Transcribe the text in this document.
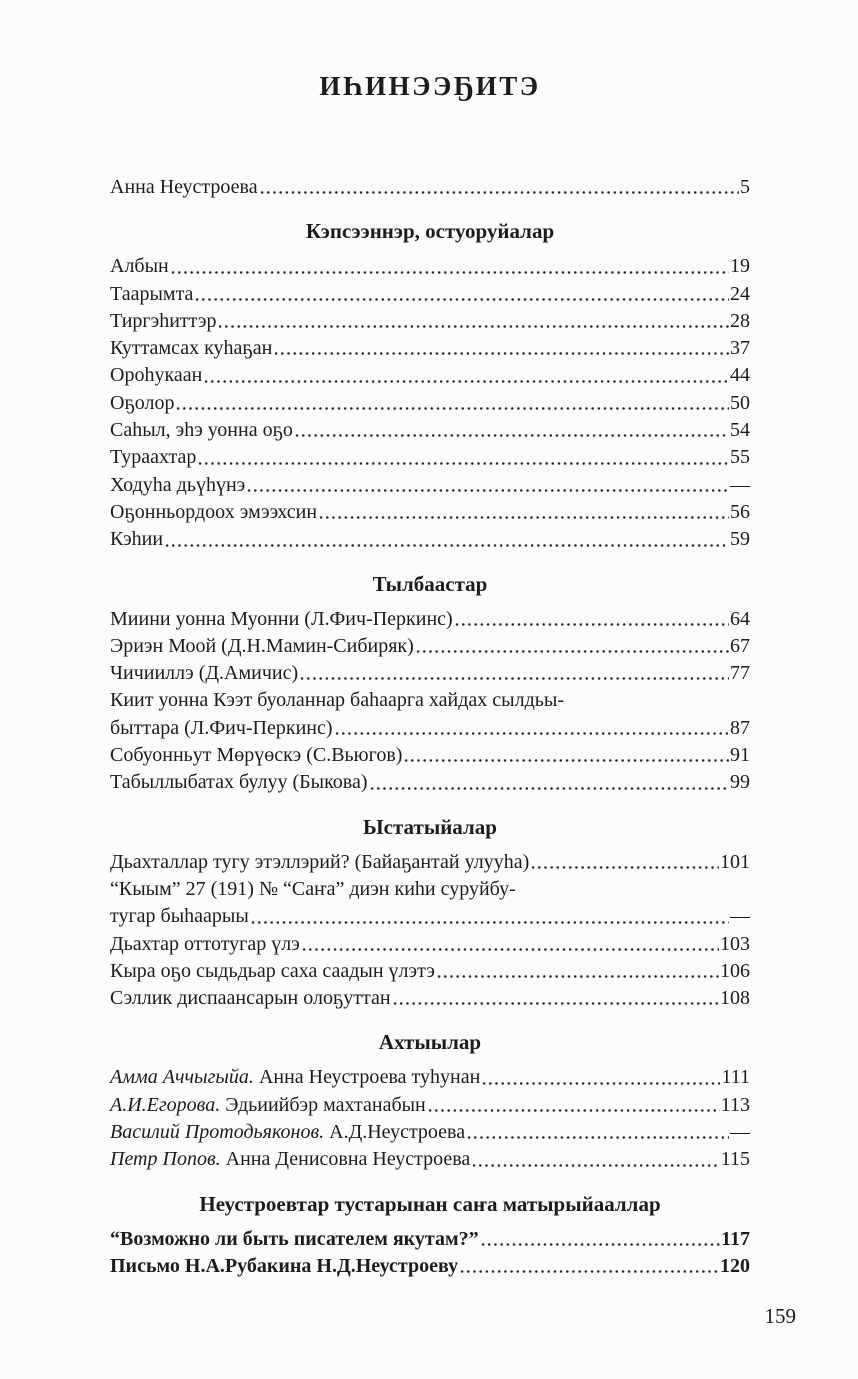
ИҺИНЭЭҔИТЭ
Анна Неустроева	5
Кэпсээннэр, остуоруйалар
Албын	19
Таарымта	24
Тиргэһиттэр	28
Куттамсах куһаҕан	37
Ороһукаан	44
Оҕолор	50
Саһыл, эһэ уонна оҕо	54
Тураахтар	55
Ходуһа дьүһүнэ	—
Оҕонньордоох эмээхсин	56
Кэһии	59
Тылбаастар
Миини уонна Муонни (Л.Фич-Перкинс)	64
Эриэн Моой (Д.Н.Мамин-Сибиряк)	67
Чичииллэ (Д.Амичис)	77
Киит уонна Кээт буоланнар баһаарга хайдах сылдьы-
быттара (Л.Фич-Перкинс)	87
Собуонньут Мөрүөскэ (С.Вьюгов)	91
Табыллыбатах булуу (Быкова)	99
Ыстатыйалар
Дьахталлар тугу этэллэрий? (Байаҕантай улууһа)	101
“Кыым” 27 (191) № “Саҥа” диэн киһи суруйбу-
тугар быһаарыы	—
Дьахтар оттотугар үлэ	103
Кыра оҕо сыдьдьар саха саадын үлэтэ	106
Сэллик диспаансарын олоҕуттан	108
Ахтыылар
Амма Аччыгыйа. Анна Неустроева туһунан	111
А.И.Егорова. Эдьиийбэр махтанабын	113
Василий Протодьяконов. А.Д.Неустроева	—
Петр Попов. Анна Денисовна Неустроева	115
Неустроевтар тустарынан саҥа матырыйааллар
“Возможно ли быть писателем якутам?”	117
Письмо Н.А.Рубакина Н.Д.Неустроеву	120
159
